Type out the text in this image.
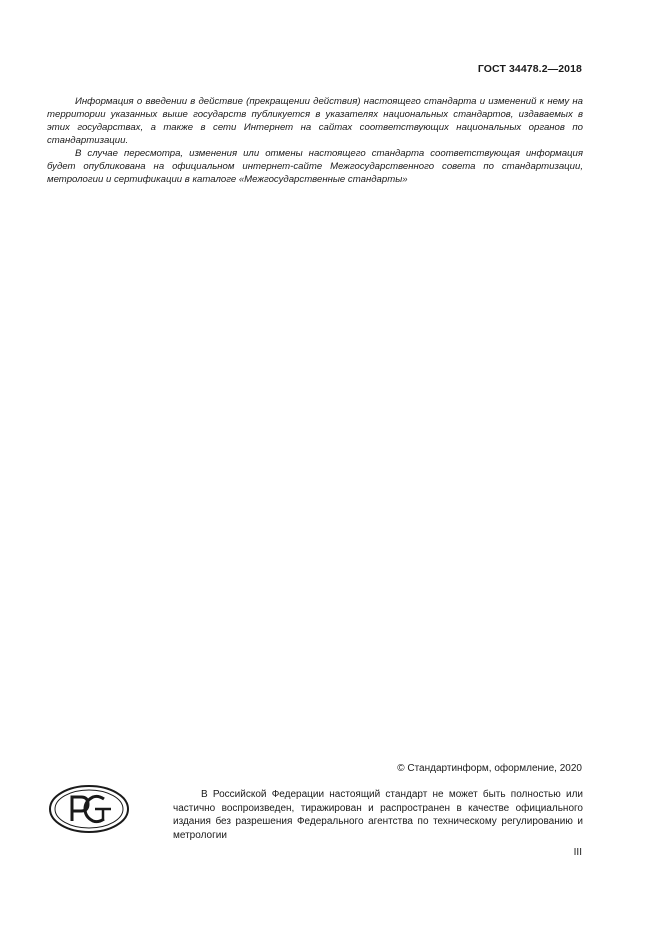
ГОСТ 34478.2—2018

Информация о введении в действие (прекращении действия) настоящего стандарта и изменений к нему на территории указанных выше государств публикуется в указателях национальных стандартов, издаваемых в этих государствах, а также в сети Интернет на сайтах соответствующих национальных органов по стандартизации.

В случае пересмотра, изменения или отмены настоящего стандарта соответствующая информация будет опубликована на официальном интернет-сайте Межгосударственного совета по стандартизации, метрологии и сертификации в каталоге «Межгосударственные стандарты»

© Стандартинформ, оформление, 2020

В Российской Федерации настоящий стандарт не может быть полностью или частично воспроизведен, тиражирован и распространен в качестве официального издания без разрешения Федерального агентства по техническому регулированию и метрологии

III
